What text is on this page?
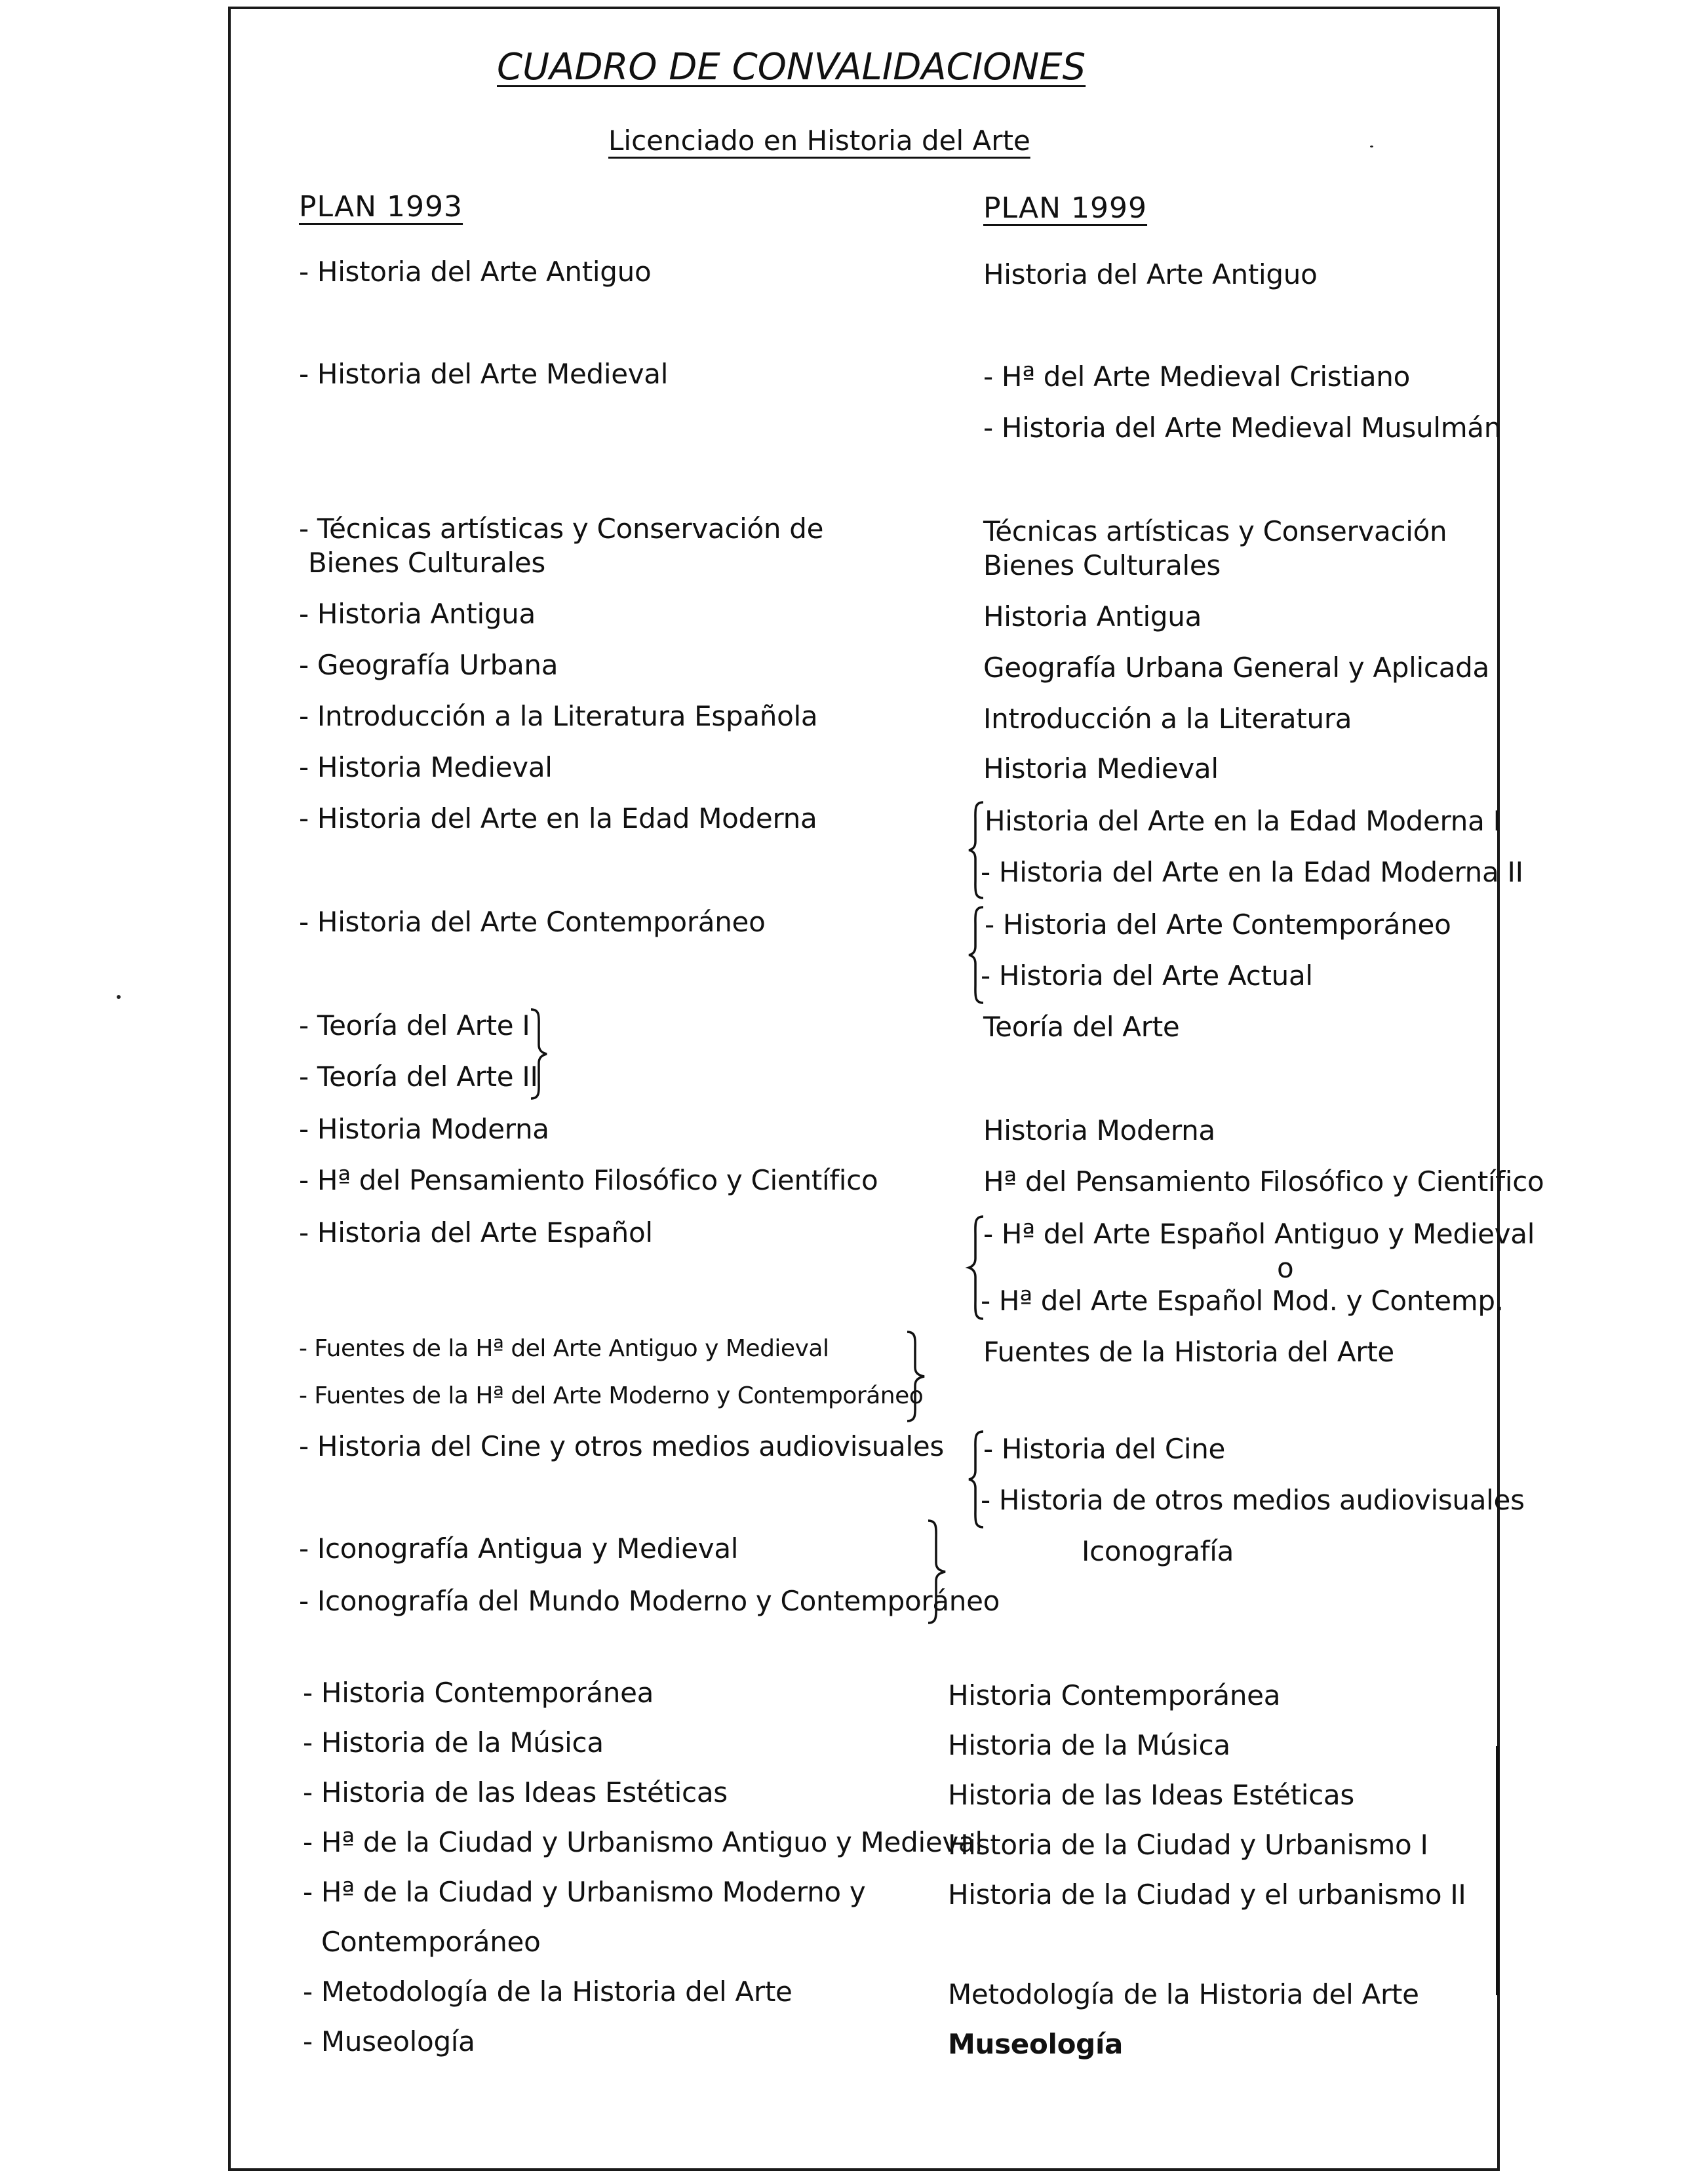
CUADRO DE CONVALIDACIONES
Licenciado en Historia del Arte
PLAN 1993	PLAN 1999
- Historia del Arte Antiguo
- Historia del Arte Medieval
- Técnicas artísticas y Conservación de
Bienes Culturales
- Historia Antigua
- Geografía Urbana
- Introducción a la Literatura Española
- Historia Medieval
- Historia del Arte en la Edad Moderna
- Historia del Arte Contemporáneo
- Teoría del Arte I
- Teoría del Arte II
- Historia Moderna
- Hª del Pensamiento Filosófico y Científico
- Historia del Arte Español
- Fuentes de la Hª del Arte Antiguo y Medieval
- Fuentes de la Hª del Arte Moderno y Contemporáneo
- Historia del Cine y otros medios audiovisuales
- Iconografía Antigua y Medieval
- Iconografía del Mundo Moderno y Contemporáneo
- Historia Contemporánea
- Historia de la Música
- Historia de las Ideas Estéticas
- Hª de la Ciudad y Urbanismo Antiguo y Medieval
- Hª de la Ciudad y Urbanismo Moderno y
Contemporáneo
- Metodología de la Historia del Arte
- Museología
Historia del Arte Antiguo
- Hª del Arte Medieval Cristiano
- Historia del Arte Medieval Musulmán
Técnicas artísticas y Conservación
Bienes Culturales
Historia Antigua
Geografía Urbana General y Aplicada
Introducción a la Literatura
Historia Medieval
Historia del Arte en la Edad Moderna I
- Historia del Arte en la Edad Moderna II
- Historia del Arte Contemporáneo
- Historia del Arte Actual
Teoría del Arte
Historia Moderna
Hª del Pensamiento Filosófico y Científico
- Hª del Arte Español Antiguo y Medieval
o
- Hª del Arte Español Mod. y Contemp.
Fuentes de la Historia del Arte
- Historia del Cine
- Historia de otros medios audiovisuales
Iconografía
Historia Contemporánea
Historia de la Música
Historia de las Ideas Estéticas
Historia de la Ciudad y Urbanismo I
Historia de la Ciudad y el urbanismo II
Metodología de la Historia del Arte
Museología
